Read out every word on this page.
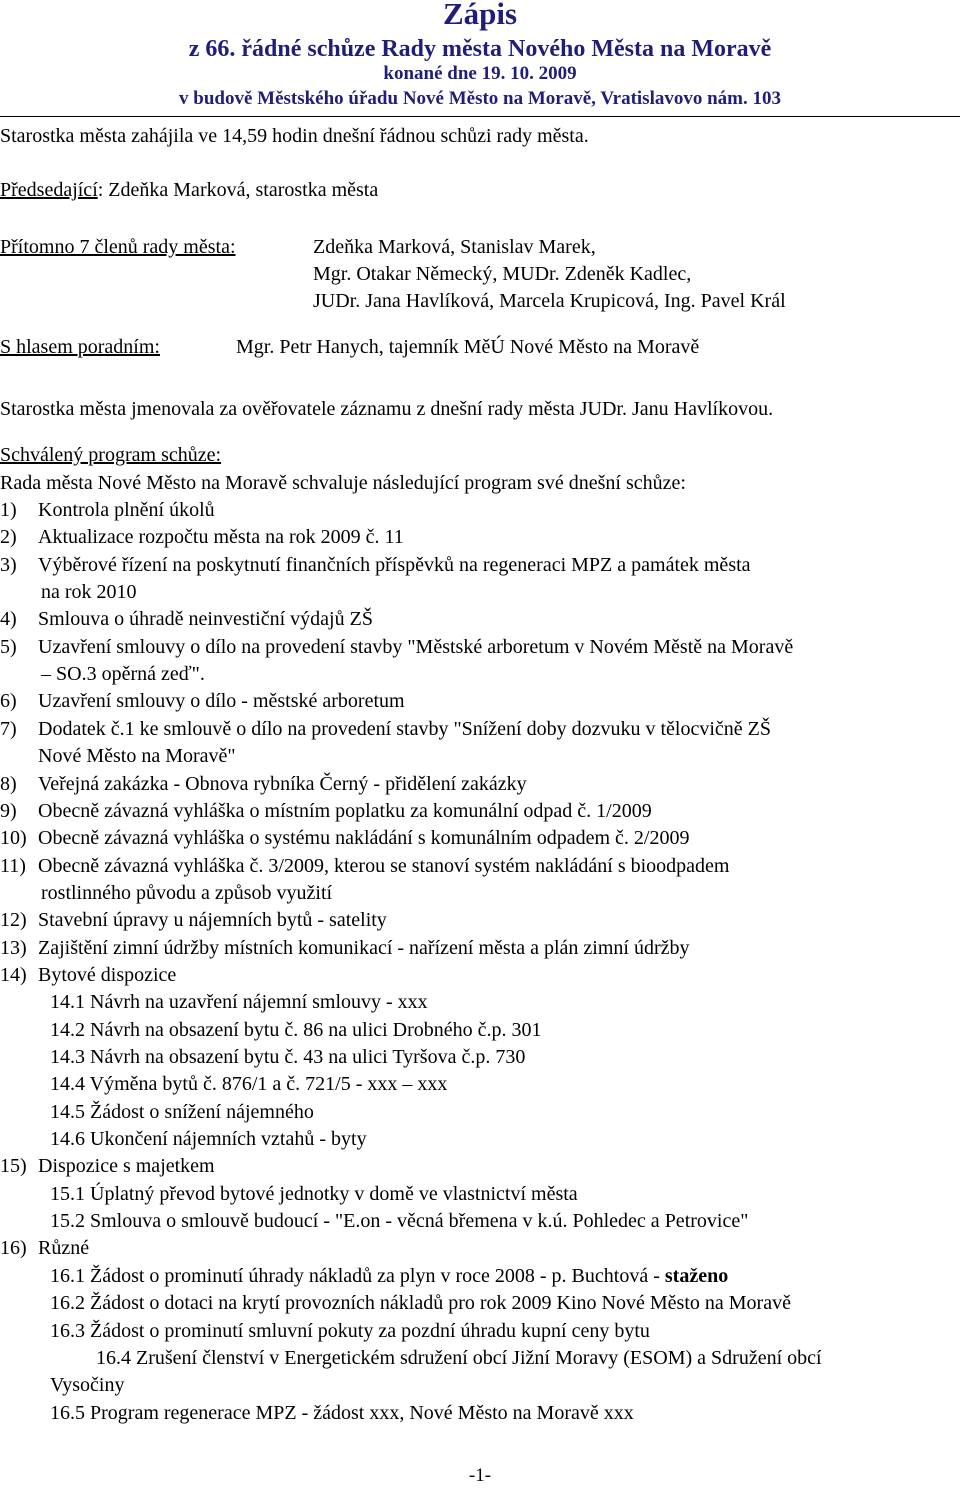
Zápis
z 66. řádné schůze Rady města Nového Města na Moravě
konané dne 19. 10. 2009
v budově Městského úřadu Nové Město na Moravě, Vratislavovo nám. 103
Starostka města zahájila ve 14,59 hodin dnešní řádnou schůzi rady města.
Předsedající: Zdeňka Marková, starostka města
Přítomno 7 členů rady města:	Zdeňka Marková, Stanislav Marek,
Mgr. Otakar Německý, MUDr. Zdeněk Kadlec,
JUDr. Jana Havlíková, Marcela Krupicová, Ing. Pavel Král
S hlasem poradním:	Mgr. Petr Hanych, tajemník MěÚ Nové Město na Moravě
Starostka města jmenovala za ověřovatele záznamu z dnešní rady města JUDr. Janu Havlíkovou.
Schválený program schůze:
Rada města Nové Město na Moravě schvaluje následující program své dnešní schůze:
1) Kontrola plnění úkolů
2) Aktualizace rozpočtu města na rok 2009 č. 11
3) Výběrové řízení na poskytnutí finančních příspěvků na regeneraci MPZ a památek města
na rok 2010
4) Smlouva o úhradě neinvestiční výdajů ZŠ
5) Uzavření smlouvy o dílo na provedení stavby "Městské arboretum v Novém Městě na Moravě
– SO.3 opěrná zeď".
6) Uzavření smlouvy o dílo - městské arboretum
7) Dodatek č.1 ke smlouvě o dílo na provedení stavby "Snížení doby dozvuku v tělocvičně ZŠ
Nové Město na Moravě"
8) Veřejná zakázka - Obnova rybníka Černý - přidělení zakázky
9) Obecně závazná vyhláška o místním poplatku za komunální odpad č. 1/2009
10) Obecně závazná vyhláška o systému nakládání s komunálním odpadem č. 2/2009
11) Obecně závazná vyhláška č. 3/2009, kterou se stanoví systém nakládání s bioodpadem
rostlinného původu a způsob využití
12) Stavební úpravy u nájemních bytů - satelity
13) Zajištění zimní údržby místních komunikací - nařízení města a plán zimní údržby
14) Bytové dispozice
14.1 Návrh na uzavření nájemní smlouvy - xxx
14.2 Návrh na obsazení bytu č. 86 na ulici Drobného č.p. 301
14.3 Návrh na obsazení bytu č. 43 na ulici Tyršova č.p. 730
14.4 Výměna bytů č. 876/1 a č. 721/5 - xxx – xxx
14.5 Žádost o snížení nájemného
14.6 Ukončení nájemních vztahů - byty
15) Dispozice s majetkem
15.1 Úplatný převod bytové jednotky v domě ve vlastnictví města
15.2 Smlouva o smlouvě budoucí - "E.on - věcná břemena v k.ú. Pohledec a Petrovice"
16) Různé
16.1 Žádost o prominutí úhrady nákladů za plyn v roce 2008 - p. Buchtová - staženo
16.2 Žádost o dotaci na krytí provozních nákladů pro rok 2009 Kino Nové Město na Moravě
16.3 Žádost o prominutí smluvní pokuty za pozdní úhradu kupní ceny bytu
16.4 Zrušení členství v Energetickém sdružení obcí Jižní Moravy (ESOM) a Sdružení obcí
Vysočiny
16.5 Program regenerace MPZ - žádost xxx, Nové Město na Moravě xxx
-1-
